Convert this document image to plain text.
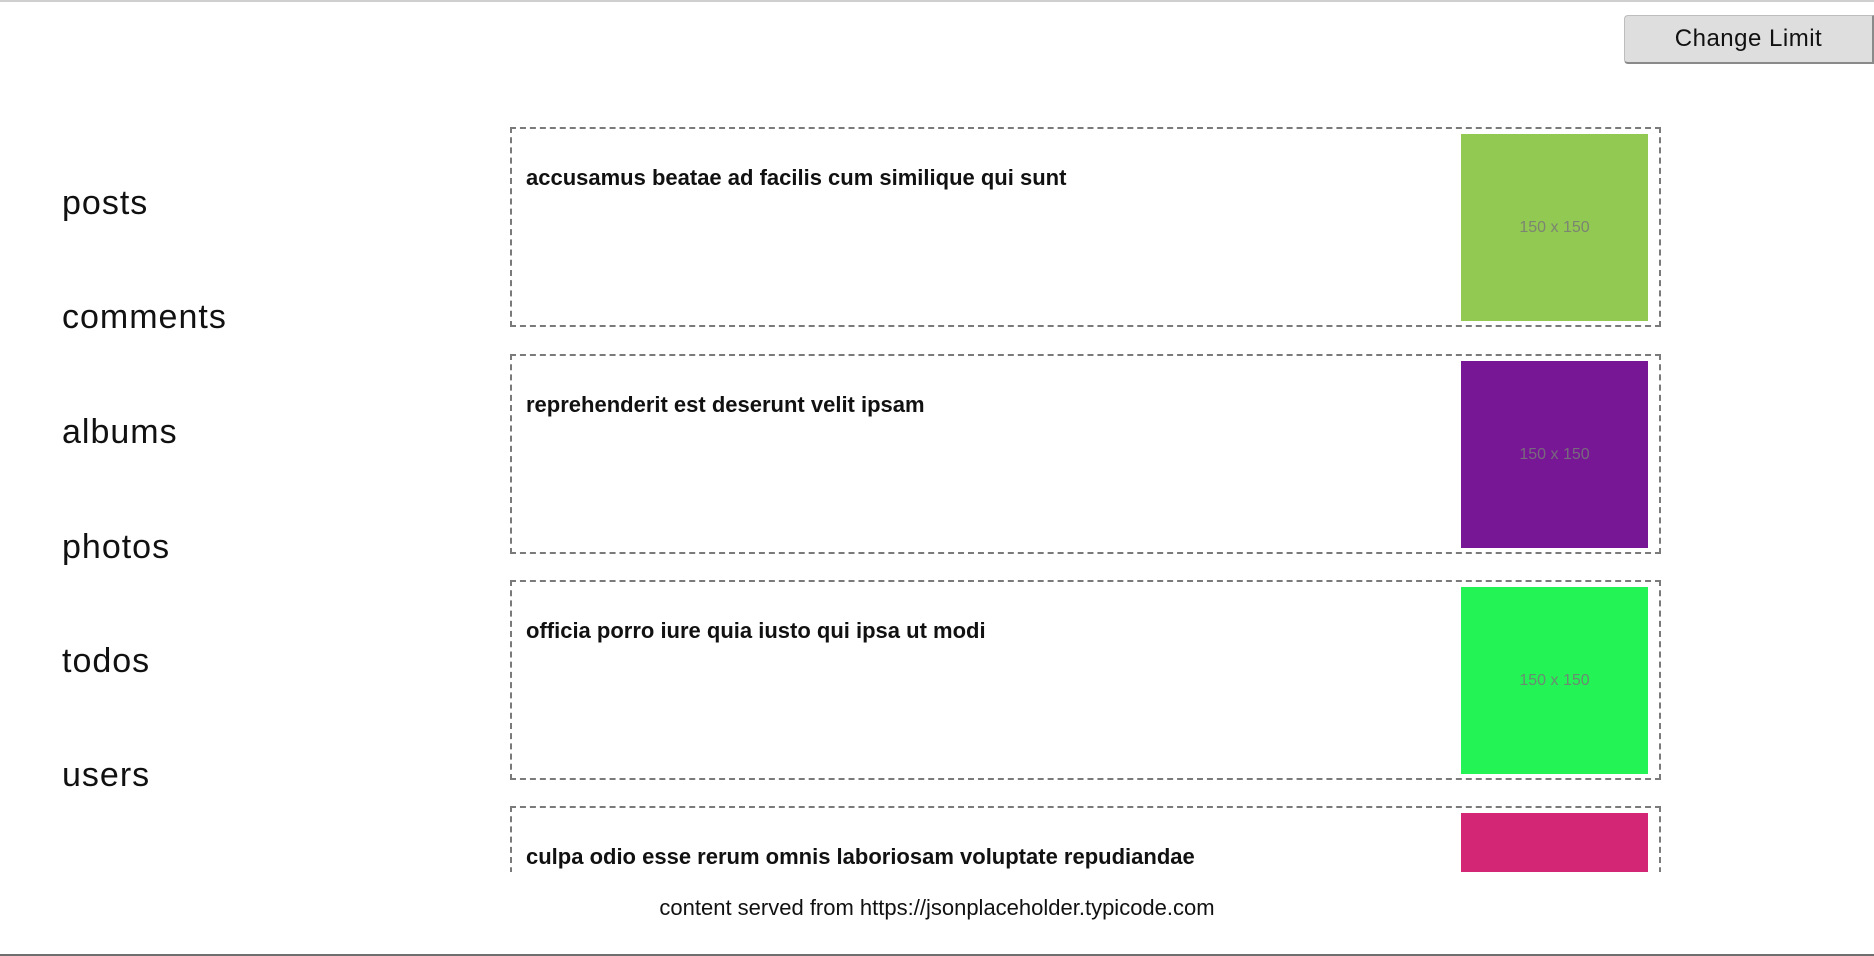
Change Limit
posts
comments
albums
photos
todos
users
accusamus beatae ad facilis cum similique qui sunt
150 x 150
reprehenderit est deserunt velit ipsam
150 x 150
officia porro iure quia iusto qui ipsa ut modi
150 x 150
culpa odio esse rerum omnis laboriosam voluptate repudiandae
content served from https://jsonplaceholder.typicode.com
